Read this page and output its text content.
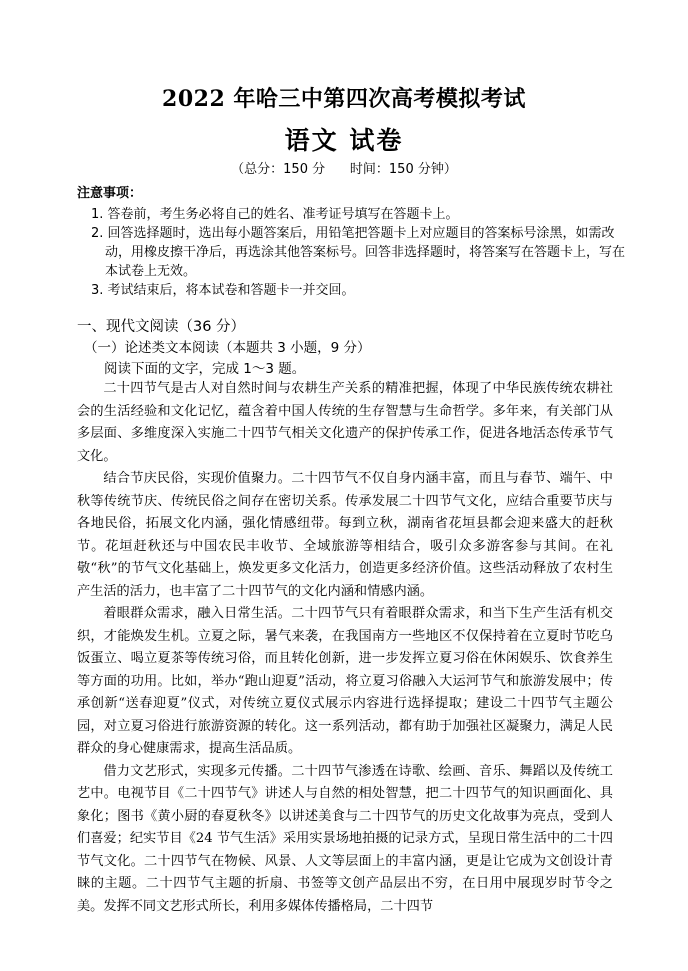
2022 年哈三中第四次高考模拟考试
语文 试卷
（总分：150 分      时间：150 分钟）
注意事项：

1. 答卷前，考生务必将自己的姓名、准考证号填写在答题卡上。

2. 回答选择题时，选出每小题答案后，用铅笔把答题卡上对应题目的答案标号涂黑，如需改动，用橡皮擦干净后，再选涂其他答案标号。回答非选择题时，将答案写在答题卡上，写在本试卷上无效。

3. 考试结束后，将本试卷和答题卡一并交回。

一、现代文阅读（36 分）
（一）论述类文本阅读（本题共 3 小题，9 分）
阅读下面的文字，完成 1～3 题。

二十四节气是古人对自然时间与农耕生产关系的精准把握，体现了中华民族传统农耕社会的生活经验和文化记忆，蕴含着中国人传统的生存智慧与生命哲学。多年来，有关部门从多层面、多维度深入实施二十四节气相关文化遗产的保护传承工作，促进各地活态传承节气文化。

结合节庆民俗，实现价值聚力。二十四节气不仅自身内涵丰富，而且与春节、端午、中秋等传统节庆、传统民俗之间存在密切关系。传承发展二十四节气文化，应结合重要节庆与各地民俗，拓展文化内涵，强化情感纽带。每到立秋，湖南省花垣县都会迎来盛大的赶秋节。花垣赶秋还与中国农民丰收节、全域旅游等相结合，吸引众多游客参与其间。在礼敬“秋”的节气文化基础上，焕发更多文化活力，创造更多经济价值。这些活动释放了农村生产生活的活力，也丰富了二十四节气的文化内涵和情感内涵。

着眼群众需求，融入日常生活。二十四节气只有着眼群众需求，和当下生产生活有机交织，才能焕发生机。立夏之际，暑气来袭，在我国南方一些地区不仅保持着在立夏时节吃乌饭蛋立、喝立夏茶等传统习俗，而且转化创新，进一步发挥立夏习俗在休闲娱乐、饮食养生等方面的功用。比如，举办“跑山迎夏”活动，将立夏习俗融入大运河节气和旅游发展中；传承创新“送春迎夏”仪式，对传统立夏仪式展示内容进行选择提取；建设二十四节气主题公园，对立夏习俗进行旅游资源的转化。这一系列活动，都有助于加强社区凝聚力，满足人民群众的身心健康需求，提高生活品质。

借力文艺形式，实现多元传播。二十四节气渗透在诗歌、绘画、音乐、舞蹈以及传统工艺中。电视节目《二十四节气》讲述人与自然的相处智慧，把二十四节气的知识画面化、具象化；图书《黄小厨的春夏秋冬》以讲述美食与二十四节气的历史文化故事为亮点，受到人们喜爱；纪实节目《24 节气生活》采用实景场地拍摄的记录方式，呈现日常生活中的二十四节气文化。二十四节气在物候、风景、人文等层面上的丰富内涵，更是让它成为文创设计青睐的主题。二十四节气主题的折扇、书签等文创产品层出不穷，在日用中展现岁时节令之美。发挥不同文艺形式所长，利用多媒体传播格局，二十四节
